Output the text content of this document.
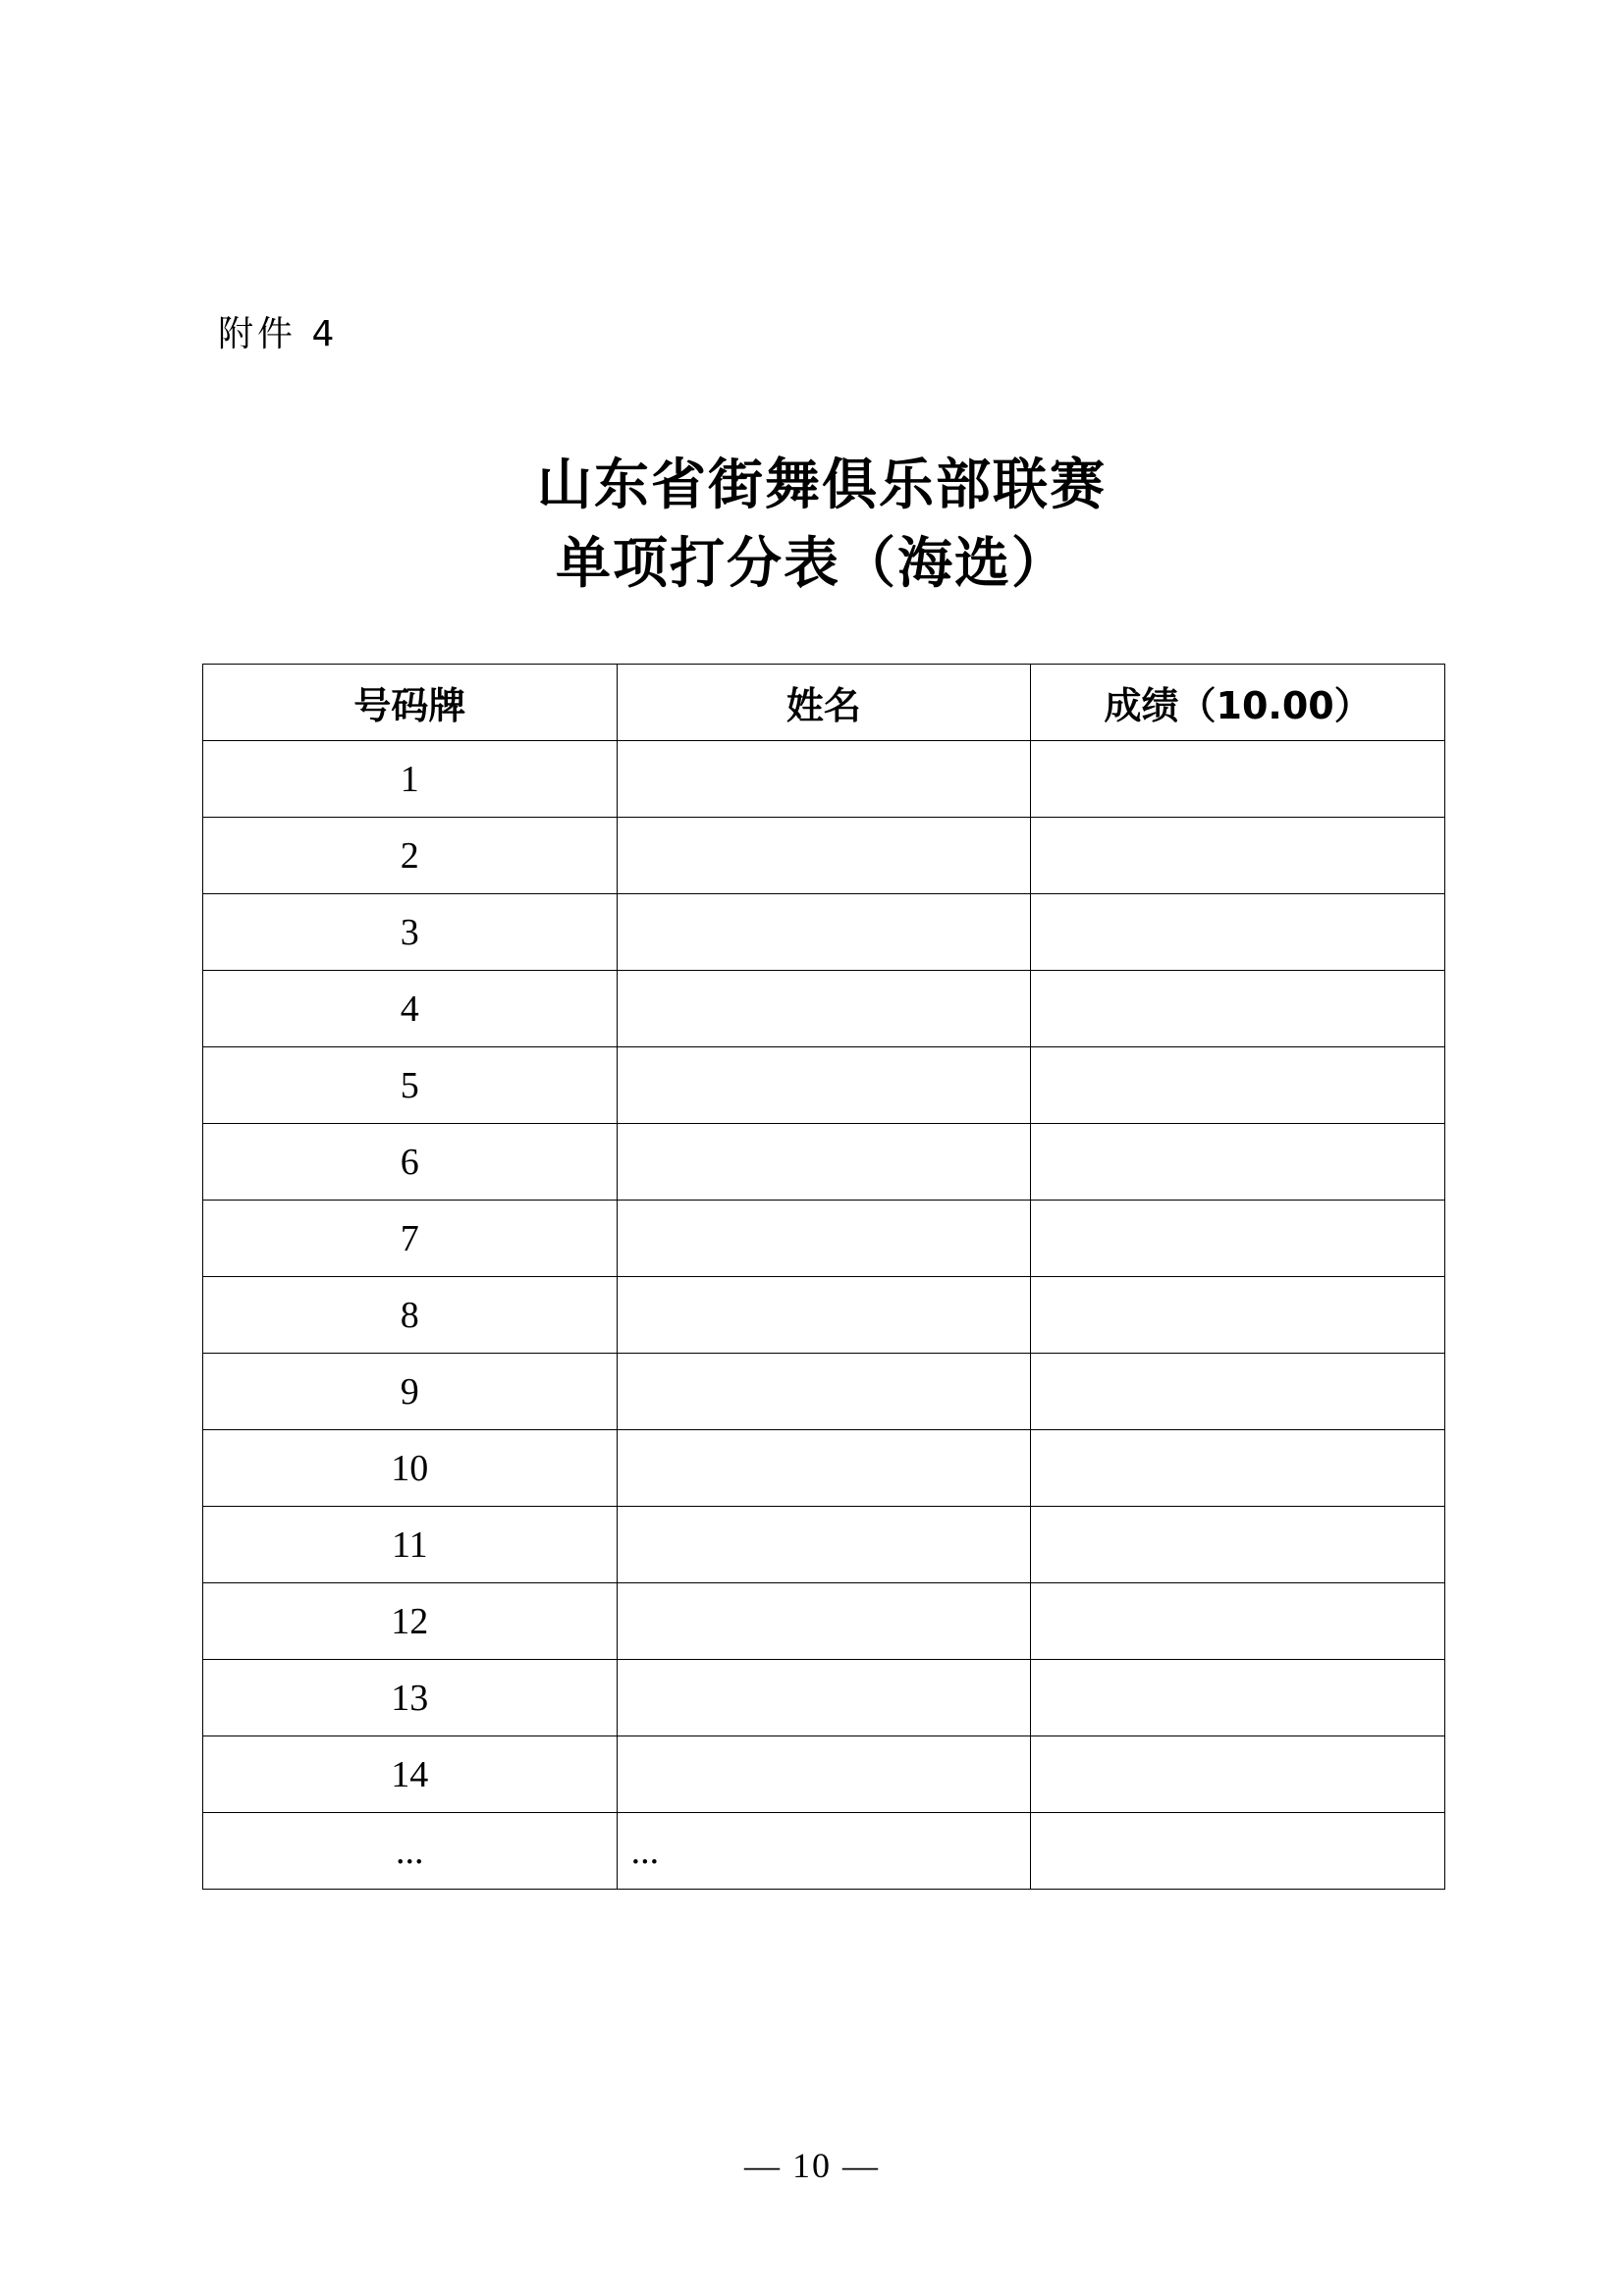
附件 4
山东省街舞俱乐部联赛
单项打分表（海选）
号码牌	姓名	成绩（10.00）
1		
2		
3		
4		
5		
6		
7		
8		
9		
10		
11		
12		
13		
14		
...	...	
— 10 —
